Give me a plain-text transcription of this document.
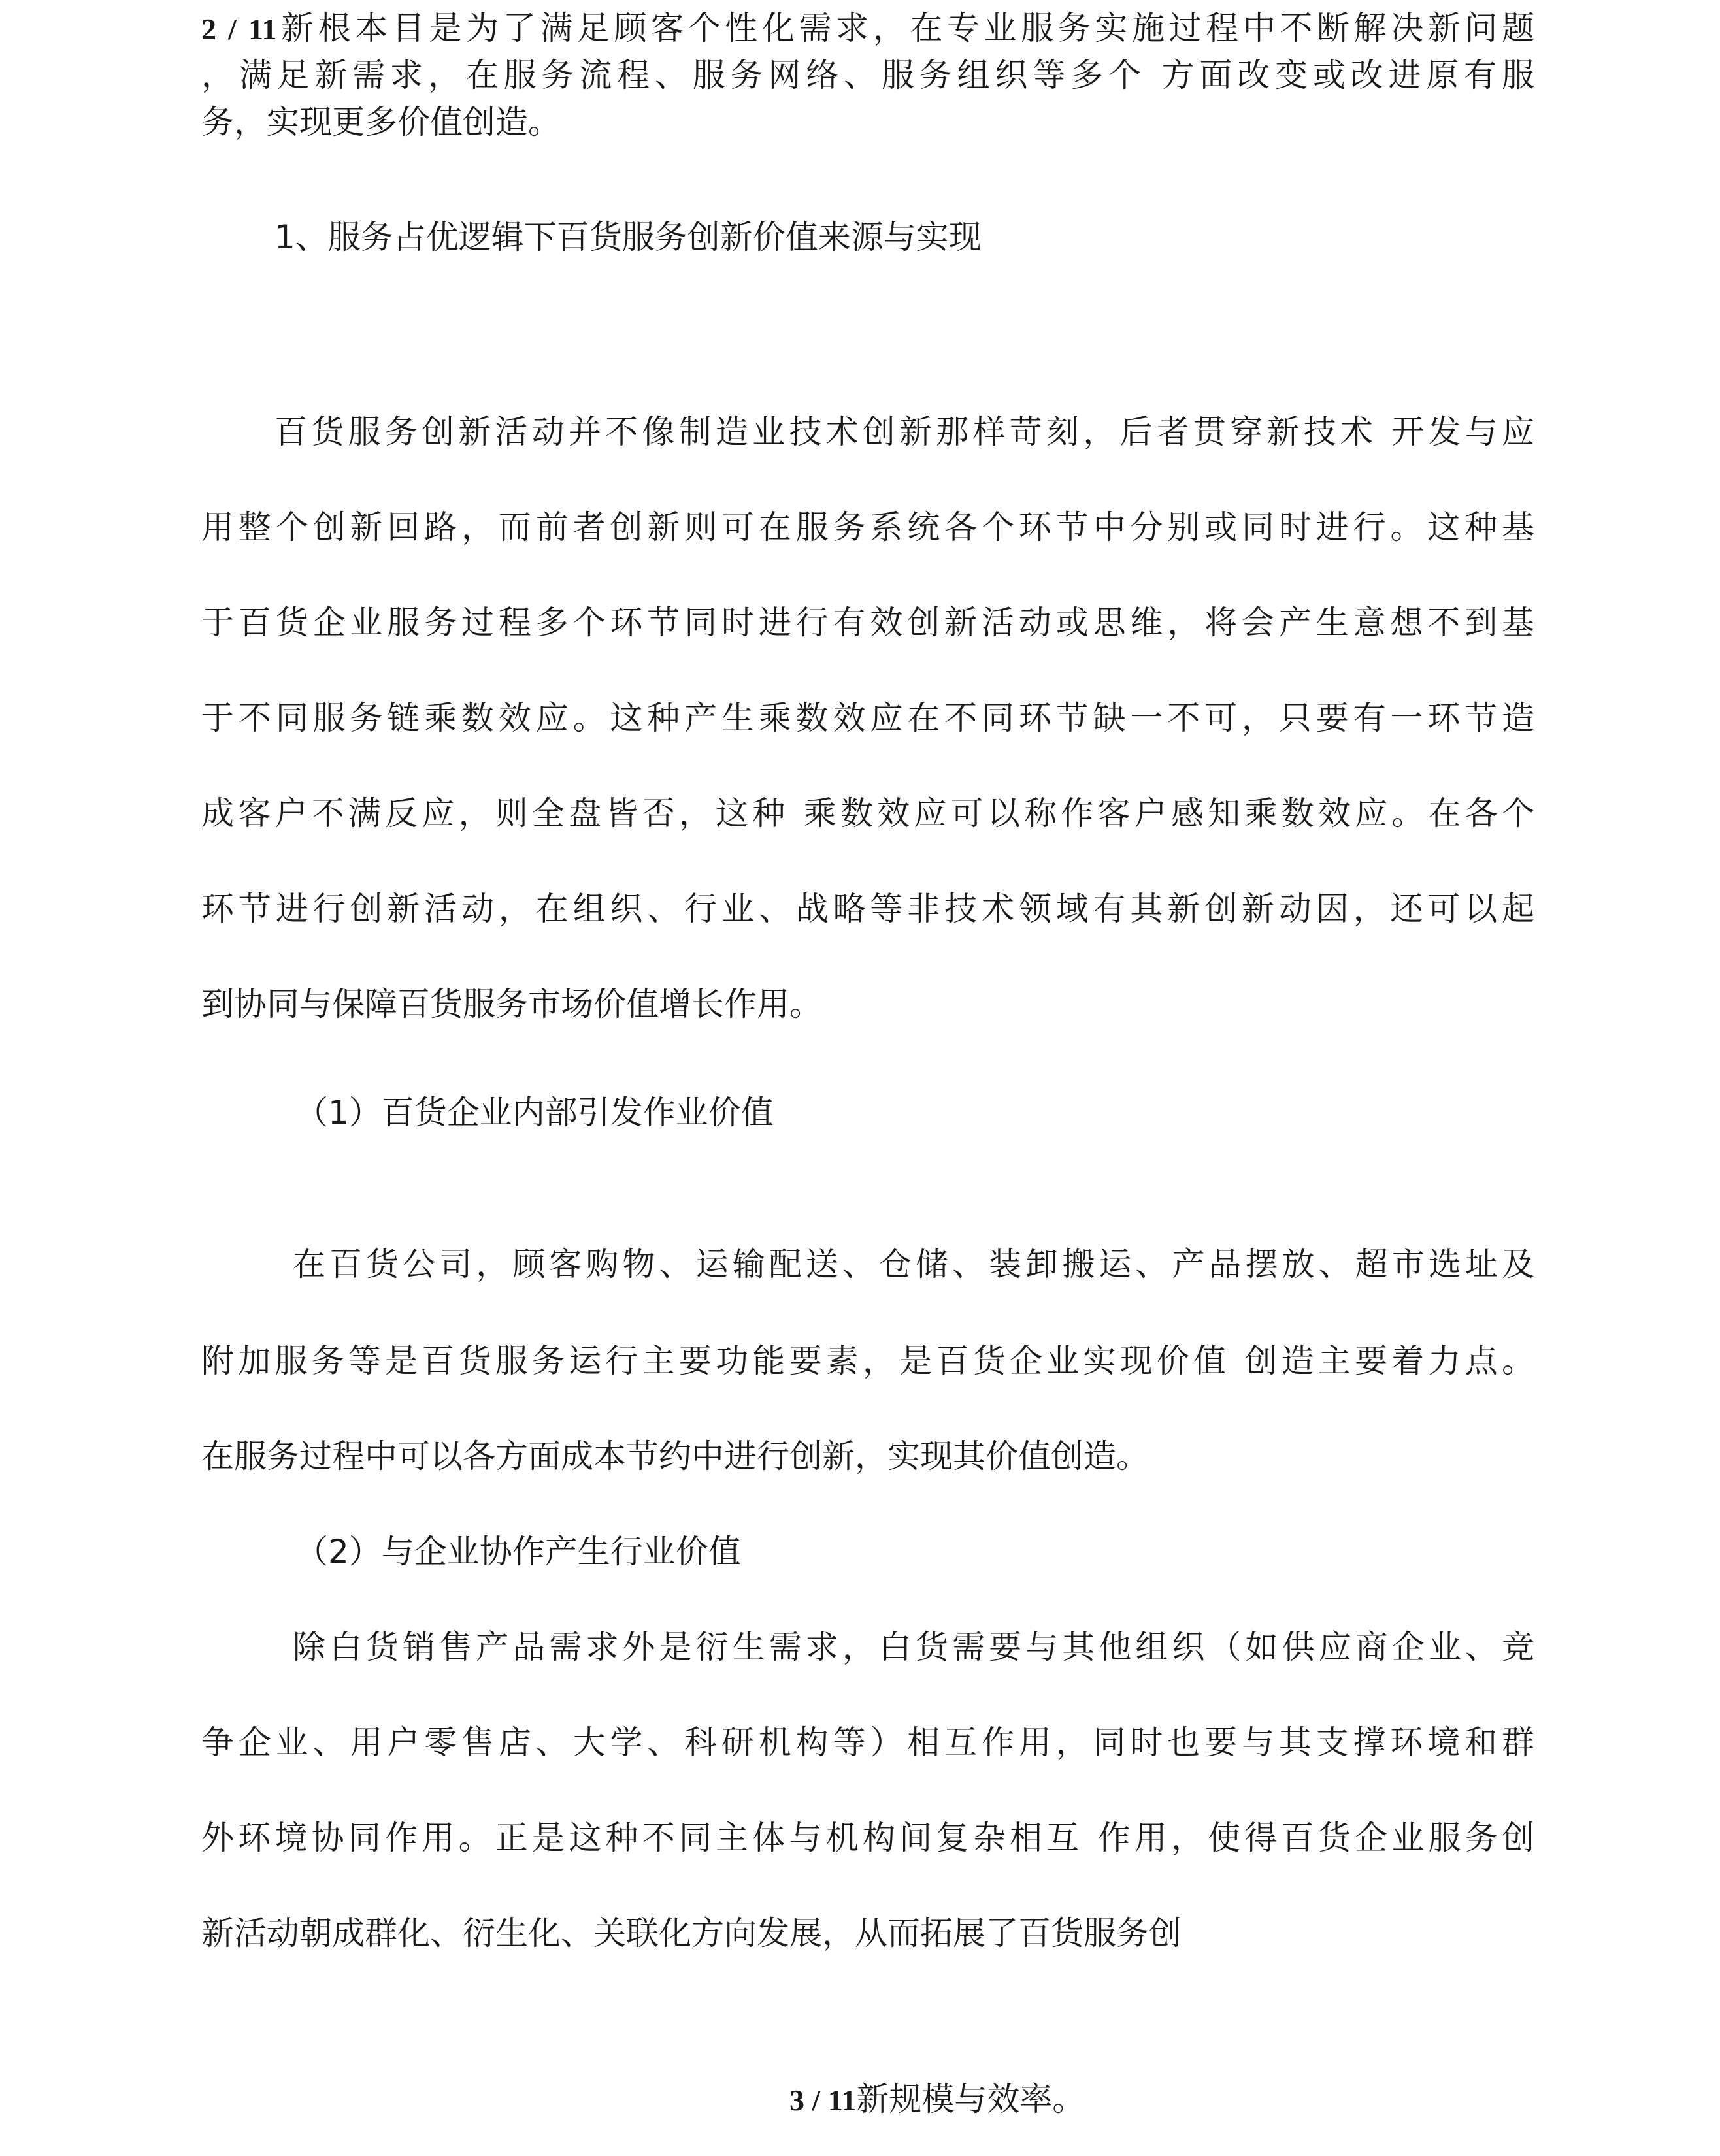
2 / 11新根本目是为了满足顾客个性化需求，在专业服务实施过程中不断解决新问题
，满足新需求，在服务流程、服务网络、服务组织等多个 方面改变或改进原有服
务，实现更多价值创造。
1、服务占优逻辑下百货服务创新价值来源与实现
百货服务创新活动并不像制造业技术创新那样苛刻，后者贯穿新技术 开发与应
用整个创新回路，而前者创新则可在服务系统各个环节中分别或同时进行。这种基
于百货企业服务过程多个环节同时进行有效创新活动或思维，将会产生意想不到基
于不同服务链乘数效应。这种产生乘数效应在不同环节缺一不可，只要有一环节造
成客户不满反应，则全盘皆否，这种 乘数效应可以称作客户感知乘数效应。在各个
环节进行创新活动，在组织、行业、战略等非技术领域有其新创新动因，还可以起
到协同与保障百货服务市场价值增长作用。
（1）百货企业内部引发作业价值
在百货公司，顾客购物、运输配送、仓储、装卸搬运、产品摆放、超市选址及
附加服务等是百货服务运行主要功能要素，是百货企业实现价值 创造主要着力点。
在服务过程中可以各方面成本节约中进行创新，实现其价值创造。
（2）与企业协作产生行业价值
除白货销售产品需求外是衍生需求，白货需要与其他组织（如供应商企业、竞
争企业、用户零售店、大学、科研机构等）相互作用，同时也要与其支撑环境和群
外环境协同作用。正是这种不同主体与机构间复杂相互 作用，使得百货企业服务创
新活动朝成群化、衍生化、关联化方向发展，从而拓展了百货服务创
3 / 11新规模与效率。
